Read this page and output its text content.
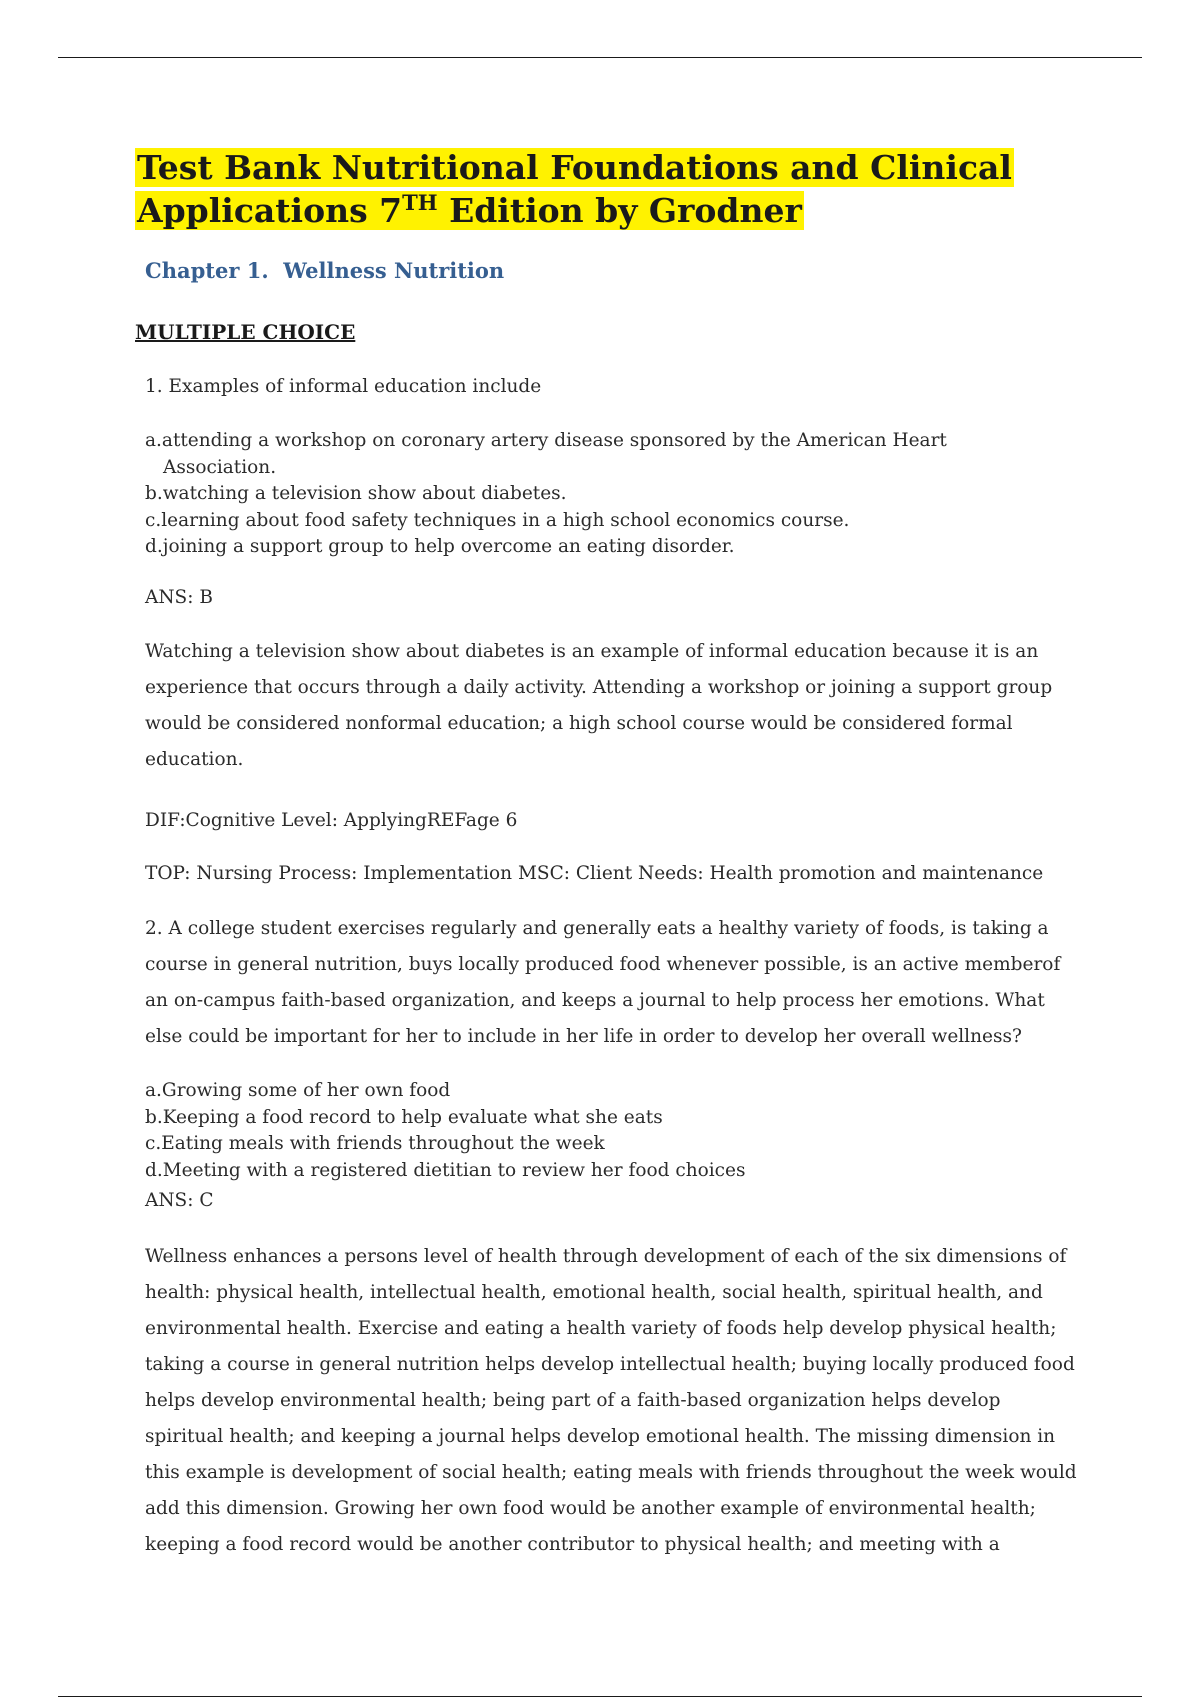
Test Bank Nutritional Foundations and Clinical
Applications 7TH Edition by Grodner
Chapter 1.  Wellness Nutrition
MULTIPLE CHOICE

1. Examples of informal education include

a.attending a workshop on coronary artery disease sponsored by the American Heart
Association.
b.watching a television show about diabetes.
c.learning about food safety techniques in a high school economics course.
d.joining a support group to help overcome an eating disorder.

ANS: B

Watching a television show about diabetes is an example of informal education because it is an
experience that occurs through a daily activity. Attending a workshop or joining a support group
would be considered nonformal education; a high school course would be considered formal
education.

DIF:Cognitive Level: ApplyingREFage 6

TOP: Nursing Process: Implementation MSC: Client Needs: Health promotion and maintenance

2. A college student exercises regularly and generally eats a healthy variety of foods, is taking a
course in general nutrition, buys locally produced food whenever possible, is an active memberof
an on-campus faith-based organization, and keeps a journal to help process her emotions. What
else could be important for her to include in her life in order to develop her overall wellness?
a.Growing some of her own food
b.Keeping a food record to help evaluate what she eats
c.Eating meals with friends throughout the week
d.Meeting with a registered dietitian to review her food choices

ANS: C

Wellness enhances a persons level of health through development of each of the six dimensions of
health: physical health, intellectual health, emotional health, social health, spiritual health, and
environmental health. Exercise and eating a health variety of foods help develop physical health;
taking a course in general nutrition helps develop intellectual health; buying locally produced food
helps develop environmental health; being part of a faith-based organization helps develop
spiritual health; and keeping a journal helps develop emotional health. The missing dimension in
this example is development of social health; eating meals with friends throughout the week would
add this dimension. Growing her own food would be another example of environmental health;
keeping a food record would be another contributor to physical health; and meeting with a
